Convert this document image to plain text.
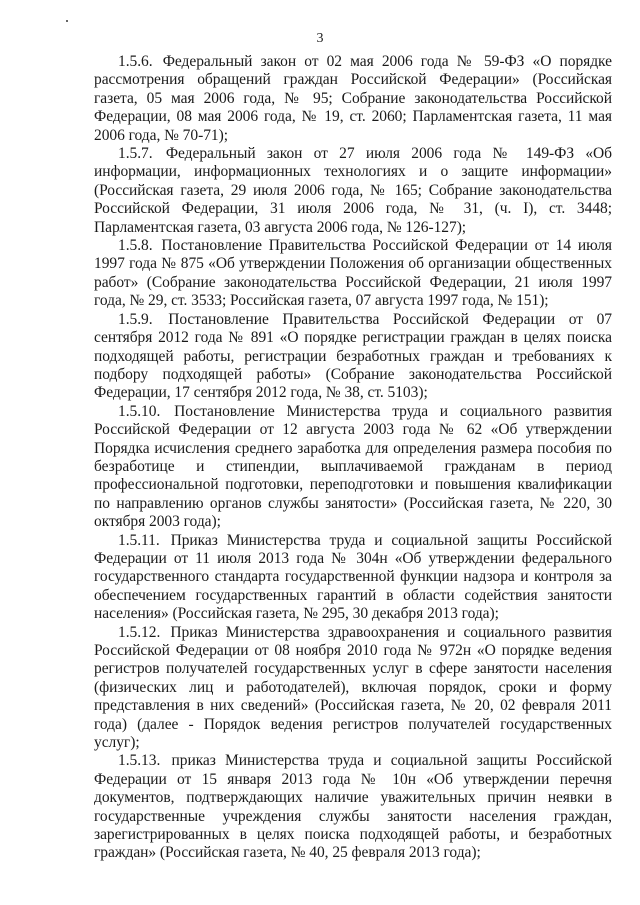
3

1.5.6. Федеральный закон от 02 мая 2006 года № 59-ФЗ «О порядке рассмотрения обращений граждан Российской Федерации» (Российская газета, 05 мая 2006 года, № 95; Собрание законодательства Российской Федерации, 08 мая 2006 года, № 19, ст. 2060; Парламентская газета, 11 мая 2006 года, № 70-71);

1.5.7. Федеральный закон от 27 июля 2006 года № 149-ФЗ «Об информации, информационных технологиях и о защите информации» (Российская газета, 29 июля 2006 года, № 165; Собрание законодательства Российской Федерации, 31 июля 2006 года, № 31, (ч. I), ст. 3448; Парламентская газета, 03 августа 2006 года, № 126-127);

1.5.8. Постановление Правительства Российской Федерации от 14 июля 1997 года № 875 «Об утверждении Положения об организации общественных работ» (Собрание законодательства Российской Федерации, 21 июля 1997 года, № 29, ст. 3533; Российская газета, 07 августа 1997 года, № 151);

1.5.9. Постановление Правительства Российской Федерации от 07 сентября 2012 года № 891 «О порядке регистрации граждан в целях поиска подходящей работы, регистрации безработных граждан и требованиях к подбору подходящей работы» (Собрание законодательства Российской Федерации, 17 сентября 2012 года, № 38, ст. 5103);

1.5.10. Постановление Министерства труда и социального развития Российской Федерации от 12 августа 2003 года № 62 «Об утверждении Порядка исчисления среднего заработка для определения размера пособия по безработице и стипендии, выплачиваемой гражданам в период профессиональной подготовки, переподготовки и повышения квалификации по направлению органов службы занятости» (Российская газета, № 220, 30 октября 2003 года);

1.5.11. Приказ Министерства труда и социальной защиты Российской Федерации от 11 июля 2013 года № 304н «Об утверждении федерального государственного стандарта государственной функции надзора и контроля за обеспечением государственных гарантий в области содействия занятости населения» (Российская газета, № 295, 30 декабря 2013 года);

1.5.12. Приказ Министерства здравоохранения и социального развития Российской Федерации от 08 ноября 2010 года № 972н «О порядке ведения регистров получателей государственных услуг в сфере занятости населения (физических лиц и работодателей), включая порядок, сроки и форму представления в них сведений» (Российская газета, № 20, 02 февраля 2011 года) (далее - Порядок ведения регистров получателей государственных услуг);

1.5.13. приказ Министерства труда и социальной защиты Российской Федерации от 15 января 2013 года № 10н «Об утверждении перечня документов, подтверждающих наличие уважительных причин неявки в государственные учреждения службы занятости населения граждан, зарегистрированных в целях поиска подходящей работы, и безработных граждан» (Российская газета, № 40, 25 февраля 2013 года);
